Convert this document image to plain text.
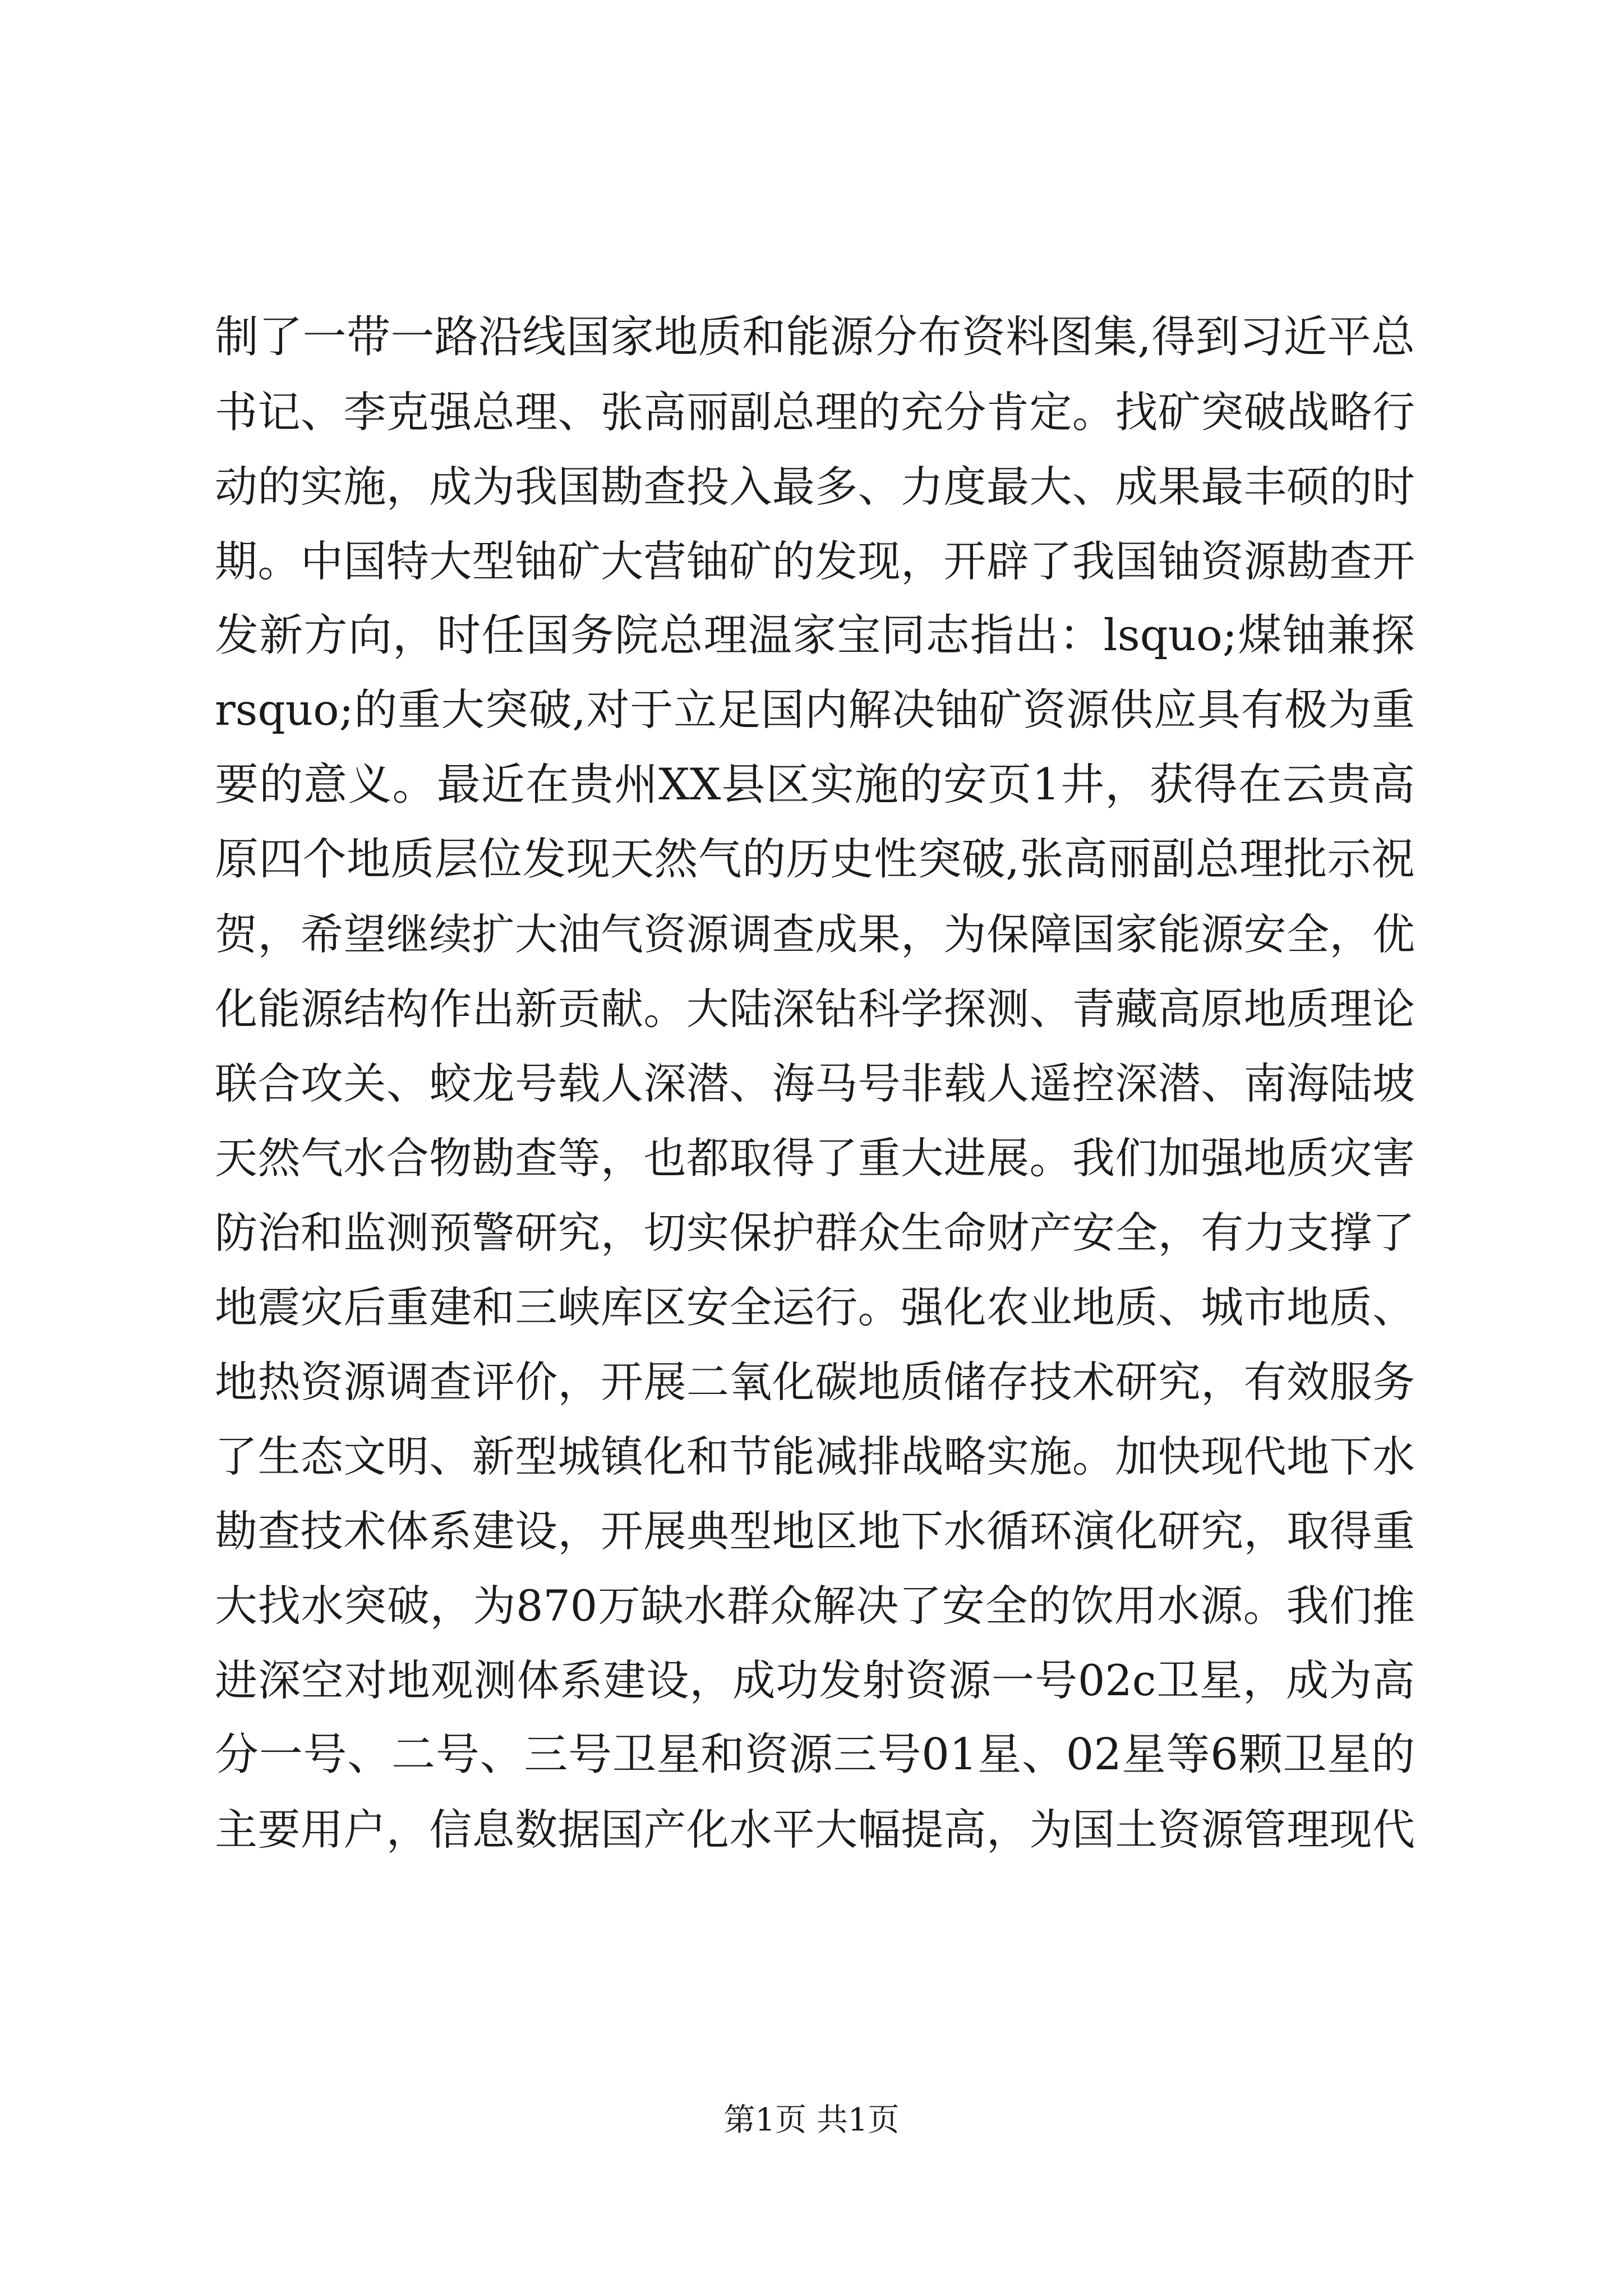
制了一带一路沿线国家地质和能源分布资料图集,得到习近平总
书记、李克强总理、张高丽副总理的充分肯定。找矿突破战略行
动的实施，成为我国勘查投入最多、力度最大、成果最丰硕的时
期。中国特大型铀矿大营铀矿的发现，开辟了我国铀资源勘查开
发新方向，时任国务院总理温家宝同志指出：lsquo;煤铀兼探
rsquo;的重大突破,对于立足国内解决铀矿资源供应具有极为重
要的意义。最近在贵州XX县区实施的安页1井，获得在云贵高
原四个地质层位发现天然气的历史性突破,张高丽副总理批示祝
贺，希望继续扩大油气资源调查成果，为保障国家能源安全，优
化能源结构作出新贡献。大陆深钻科学探测、青藏高原地质理论
联合攻关、蛟龙号载人深潜、海马号非载人遥控深潜、南海陆坡
天然气水合物勘查等，也都取得了重大进展。我们加强地质灾害
防治和监测预警研究，切实保护群众生命财产安全，有力支撑了
地震灾后重建和三峡库区安全运行。强化农业地质、城市地质、
地热资源调查评价，开展二氧化碳地质储存技术研究，有效服务
了生态文明、新型城镇化和节能减排战略实施。加快现代地下水
勘查技术体系建设，开展典型地区地下水循环演化研究，取得重
大找水突破，为870万缺水群众解决了安全的饮用水源。我们推
进深空对地观测体系建设，成功发射资源一号02c卫星，成为高
分一号、二号、三号卫星和资源三号01星、02星等6颗卫星的
主要用户，信息数据国产化水平大幅提高，为国土资源管理现代
第1页 共1页
